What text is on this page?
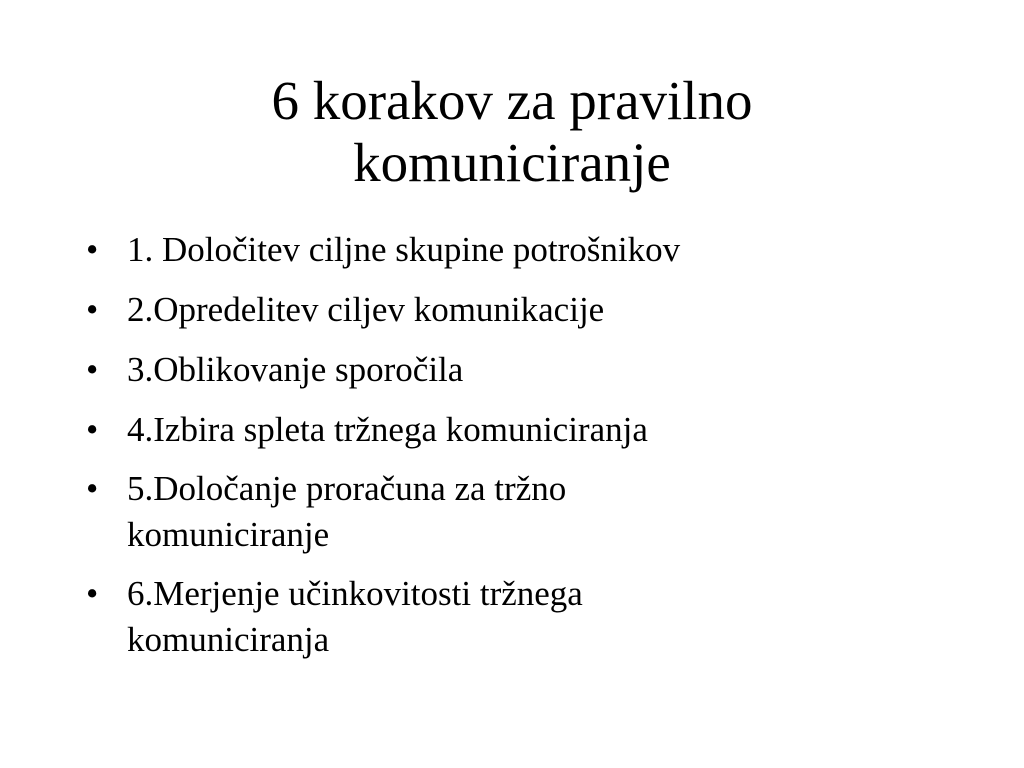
6 korakov za pravilno
komuniciranje
• 1. Določitev ciljne skupine potrošnikov
• 2.Opredelitev ciljev komunikacije
• 3.Oblikovanje sporočila
• 4.Izbira spleta tržnega komuniciranja
• 5.Določanje proračuna za tržno
komuniciranje
• 6.Merjenje učinkovitosti tržnega
komuniciranja
